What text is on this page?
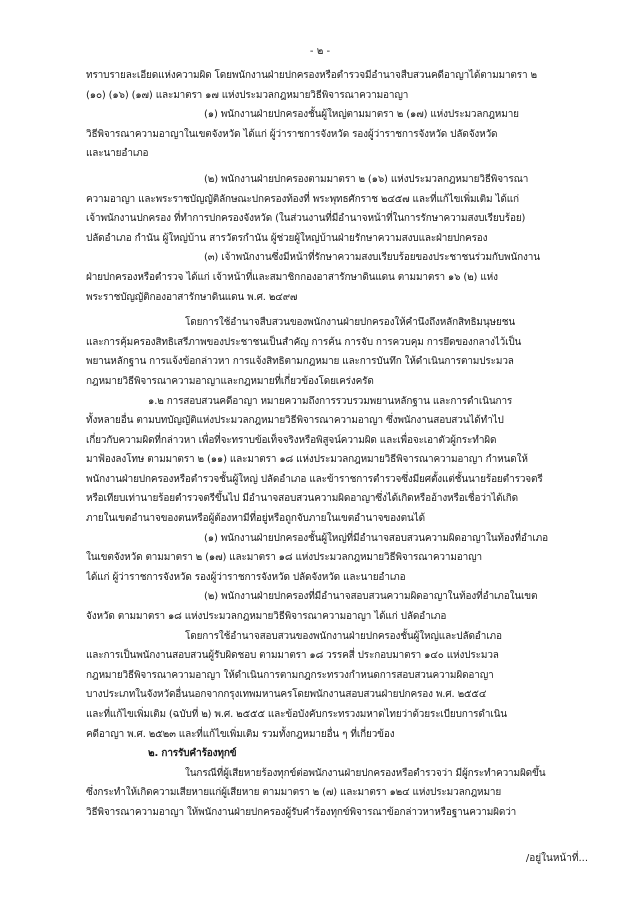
- ๒ -
ทราบรายละเอียดแห่งความผิด โดยพนักงานฝ่ายปกครองหรือตำรวจมีอำนาจสืบสวนคดีอาญาได้ตามมาตรา ๒
(๑๐) (๑๖) (๑๗) และมาตรา ๑๗ แห่งประมวลกฎหมายวิธีพิจารณาความอาญา
(๑) พนักงานฝ่ายปกครองชั้นผู้ใหญ่ตามมาตรา ๒ (๑๗) แห่งประมวลกฎหมาย
วิธีพิจารณาความอาญาในเขตจังหวัด ได้แก่ ผู้ว่าราชการจังหวัด รองผู้ว่าราชการจังหวัด ปลัดจังหวัด
และนายอำเภอ
(๒) พนักงานฝ่ายปกครองตามมาตรา ๒ (๑๖) แห่งประมวลกฎหมายวิธีพิจารณา
ความอาญา และพระราชบัญญัติลักษณะปกครองท้องที่ พระพุทธศักราช ๒๔๕๗ และที่แก้ไขเพิ่มเติม ได้แก่
เจ้าพนักงานปกครอง ที่ทำการปกครองจังหวัด (ในส่วนงานที่มีอำนาจหน้าที่ในการรักษาความสงบเรียบร้อย)
ปลัดอำเภอ กำนัน ผู้ใหญ่บ้าน สารวัตรกำนัน ผู้ช่วยผู้ใหญ่บ้านฝ่ายรักษาความสงบและฝ่ายปกครอง
(๓) เจ้าพนักงานซึ่งมีหน้าที่รักษาความสงบเรียบร้อยของประชาชนร่วมกับพนักงาน
ฝ่ายปกครองหรือตำรวจ ได้แก่ เจ้าหน้าที่และสมาชิกกองอาสารักษาดินแดน ตามมาตรา ๑๖ (๒) แห่ง
พระราชบัญญัติกองอาสารักษาดินแดน พ.ศ. ๒๔๙๗
โดยการใช้อำนาจสืบสวนของพนักงานฝ่ายปกครองให้คำนึงถึงหลักสิทธิมนุษยชน
และการคุ้มครองสิทธิเสรีภาพของประชาชนเป็นสำคัญ การค้น การจับ การควบคุม การยึดของกลางไว้เป็น
พยานหลักฐาน การแจ้งข้อกล่าวหา การแจ้งสิทธิตามกฎหมาย และการบันทึก ให้ดำเนินการตามประมวล
กฎหมายวิธีพิจารณาความอาญาและกฎหมายที่เกี่ยวข้องโดยเคร่งครัด
๑.๒ การสอบสวนคดีอาญา หมายความถึงการรวบรวมพยานหลักฐาน และการดำเนินการ
ทั้งหลายอื่น ตามบทบัญญัติแห่งประมวลกฎหมายวิธีพิจารณาความอาญา ซึ่งพนักงานสอบสวนได้ทำไป
เกี่ยวกับความผิดที่กล่าวหา เพื่อที่จะทราบข้อเท็จจริงหรือพิสูจน์ความผิด และเพื่อจะเอาตัวผู้กระทำผิด
มาฟ้องลงโทษ ตามมาตรา ๒ (๑๑) และมาตรา ๑๘ แห่งประมวลกฎหมายวิธีพิจารณาความอาญา กำหนดให้
พนักงานฝ่ายปกครองหรือตำรวจชั้นผู้ใหญ่ ปลัดอำเภอ และข้าราชการตำรวจซึ่งมียศตั้งแต่ชั้นนายร้อยตำรวจตรี
หรือเทียบเท่านายร้อยตำรวจตรีขึ้นไป มีอำนาจสอบสวนความผิดอาญาซึ่งได้เกิดหรืออ้างหรือเชื่อว่าได้เกิด
ภายในเขตอำนาจของตนหรือผู้ต้องหามีที่อยู่หรือถูกจับภายในเขตอำนาจของตนได้
(๑) พนักงานฝ่ายปกครองชั้นผู้ใหญ่ที่มีอำนาจสอบสวนความผิดอาญาในท้องที่อำเภอ
ในเขตจังหวัด ตามมาตรา ๒ (๑๗) และมาตรา ๑๘ แห่งประมวลกฎหมายวิธีพิจารณาความอาญา
ได้แก่ ผู้ว่าราชการจังหวัด รองผู้ว่าราชการจังหวัด ปลัดจังหวัด และนายอำเภอ
(๒) พนักงานฝ่ายปกครองที่มีอำนาจสอบสวนความผิดอาญาในท้องที่อำเภอในเขต
จังหวัด ตามมาตรา ๑๘ แห่งประมวลกฎหมายวิธีพิจารณาความอาญา ได้แก่ ปลัดอำเภอ
โดยการใช้อำนาจสอบสวนของพนักงานฝ่ายปกครองชั้นผู้ใหญ่และปลัดอำเภอ
และการเป็นพนักงานสอบสวนผู้รับผิดชอบ ตามมาตรา ๑๘ วรรคสี่ ประกอบมาตรา ๑๔๐ แห่งประมวล
กฎหมายวิธีพิจารณาความอาญา ให้ดำเนินการตามกฎกระทรวงกำหนดการสอบสวนความผิดอาญา
บางประเภทในจังหวัดอื่นนอกจากกรุงเทพมหานครโดยพนักงานสอบสวนฝ่ายปกครอง พ.ศ. ๒๕๕๔
และที่แก้ไขเพิ่มเติม (ฉบับที่ ๒) พ.ศ. ๒๕๕๕ และข้อบังคับกระทรวงมหาดไทยว่าด้วยระเบียบการดำเนิน
คดีอาญา พ.ศ. ๒๕๒๓ และที่แก้ไขเพิ่มเติม รวมทั้งกฎหมายอื่น ๆ ที่เกี่ยวข้อง
๒. การรับคำร้องทุกข์
ในกรณีที่ผู้เสียหายร้องทุกข์ต่อพนักงานฝ่ายปกครองหรือตำรวจว่า มีผู้กระทำความผิดขึ้น
ซึ่งกระทำให้เกิดความเสียหายแก่ผู้เสียหาย ตามมาตรา ๒ (๗) และมาตรา ๑๒๔ แห่งประมวลกฎหมาย
วิธีพิจารณาความอาญา ให้พนักงานฝ่ายปกครองผู้รับคำร้องทุกข์พิจารณาข้อกล่าวหาหรือฐานความผิดว่า
/อยู่ในหน้าที่...
